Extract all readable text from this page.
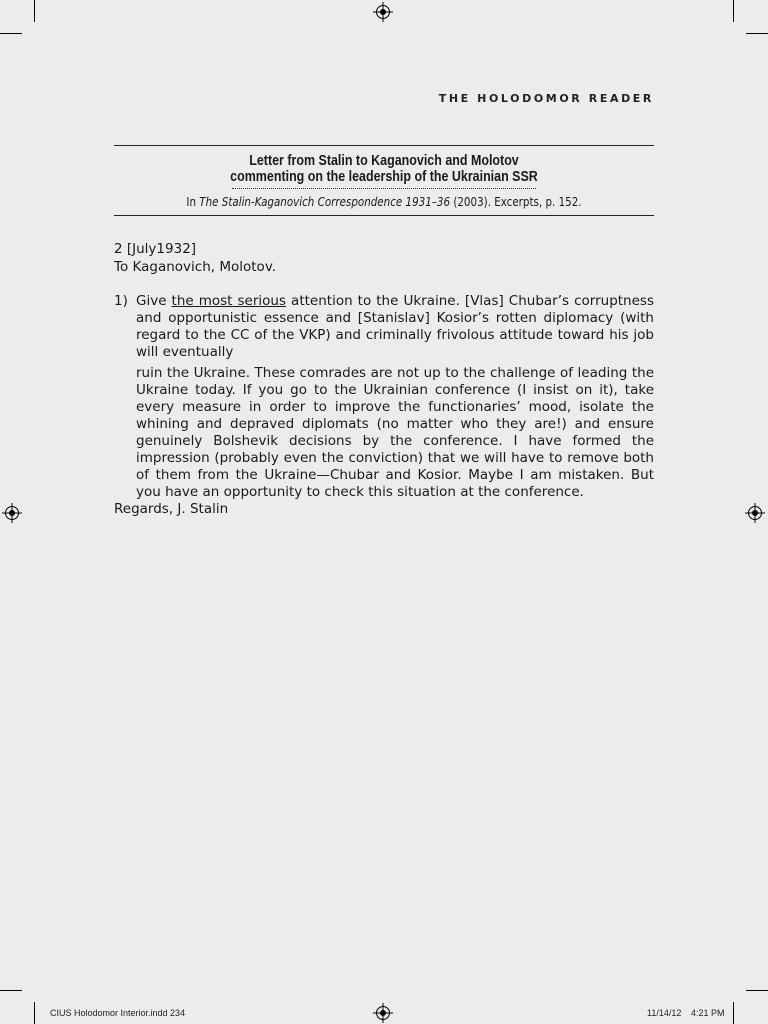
THE HOLODOMOR READER
Letter from Stalin to Kaganovich and Molotov
commenting on the leadership of the Ukrainian SSR
In The Stalin-Kaganovich Correspondence 1931–36 (2003). Excerpts, p. 152.
2 [July1932]
To Kaganovich, Molotov.
1) Give the most serious attention to the Ukraine. [Vlas] Chubar’s corruptness and opportunistic essence and [Stanislav] Kosior’s rotten diplomacy (with regard to the CC of the VKP) and criminally frivolous attitude toward his job will eventually

ruin the Ukraine. These comrades are not up to the challenge of leading the Ukraine today. If you go to the Ukrainian conference (I insist on it), take every measure in order to improve the functionaries’ mood, isolate the whining and depraved diplomats (no matter who they are!) and ensure genuinely Bolshevik decisions by the conference. I have formed the impression (probably even the conviction) that we will have to remove both of them from the Ukraine—Chubar and Kosior. Maybe I am mistaken. But you have an opportunity to check this situation at the conference.

Regards, J. Stalin
CIUS Holodomor Interior.indd 234	11/14/12 4:21 PM
